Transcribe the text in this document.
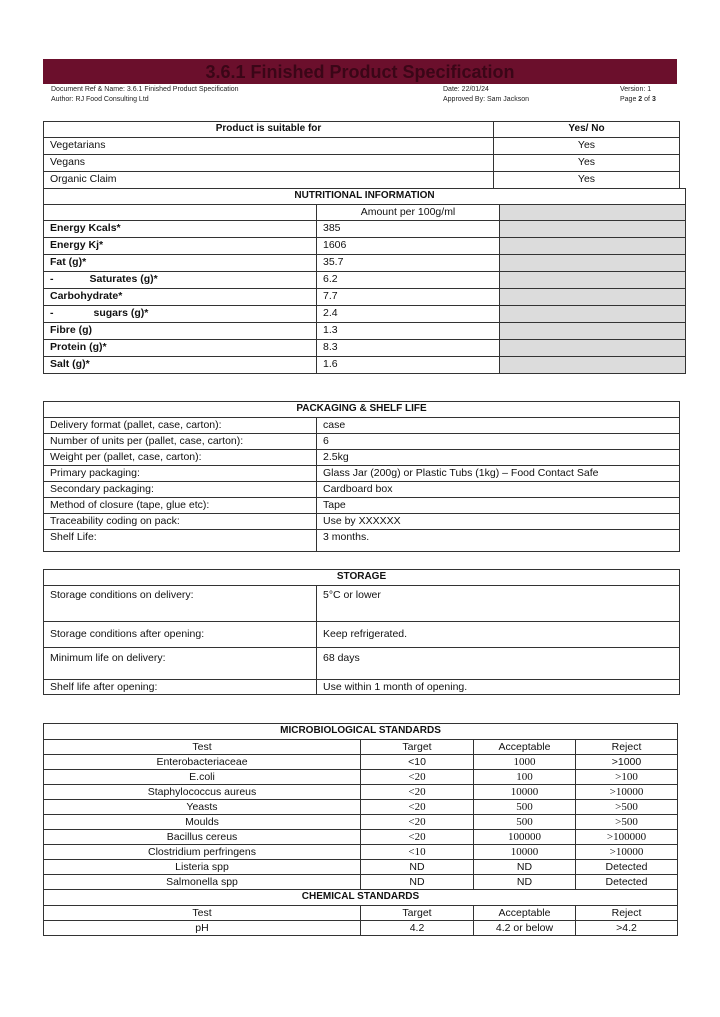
3.6.1 Finished Product Specification
Document Ref & Name: 3.6.1 Finished Product Specification
Author: RJ Food Consulting Ltd
Date: 22/01/24
Approved By: Sam Jackson
Version: 1
Page 2 of 3
Product is suitable for	Yes/ No
Vegetarians	Yes
Vegans	Yes
Organic Claim	Yes
NUTRITIONAL INFORMATION		
	Amount per 100g/ml	
Energy Kcals*	385	
Energy Kj*	1606	
Fat (g)*	35.7	
- Saturates (g)*	6.2	
Carbohydrate*	7.7	
- sugars (g)*	2.4	
Fibre (g)	1.3	
Protein (g)*	8.3	
Salt (g)*	1.6	
PACKAGING & SHELF LIFE	
Delivery format (pallet, case, carton):	case
Number of units per (pallet, case, carton):	6
Weight per (pallet, case, carton):	2.5kg
Primary packaging:	Glass Jar (200g) or Plastic Tubs (1kg) – Food Contact Safe
Secondary packaging:	Cardboard box
Method of closure (tape, glue etc):	Tape
Traceability coding on pack:	Use by XXXXXX
Shelf Life:	3 months.
STORAGE	
Storage conditions on delivery:	5°C or lower
Storage conditions after opening:	Keep refrigerated.
Minimum life on delivery:	68 days
Shelf life after opening:	Use within 1 month of opening.
MICROBIOLOGICAL STANDARDS			
Test	Target	Acceptable	Reject
Enterobacteriaceae	<10	1000	>1000
E.coli	<20	100	>100
Staphylococcus aureus	<20	10000	>10000
Yeasts	<20	500	>500
Moulds	<20	500	>500
Bacillus cereus	<20	100000	>100000
Clostridium perfringens	<10	10000	>10000
Listeria spp	ND	ND	Detected
Salmonella spp	ND	ND	Detected
CHEMICAL STANDARDS			
Test	Target	Acceptable	Reject
pH	4.2	4.2 or below	>4.2
